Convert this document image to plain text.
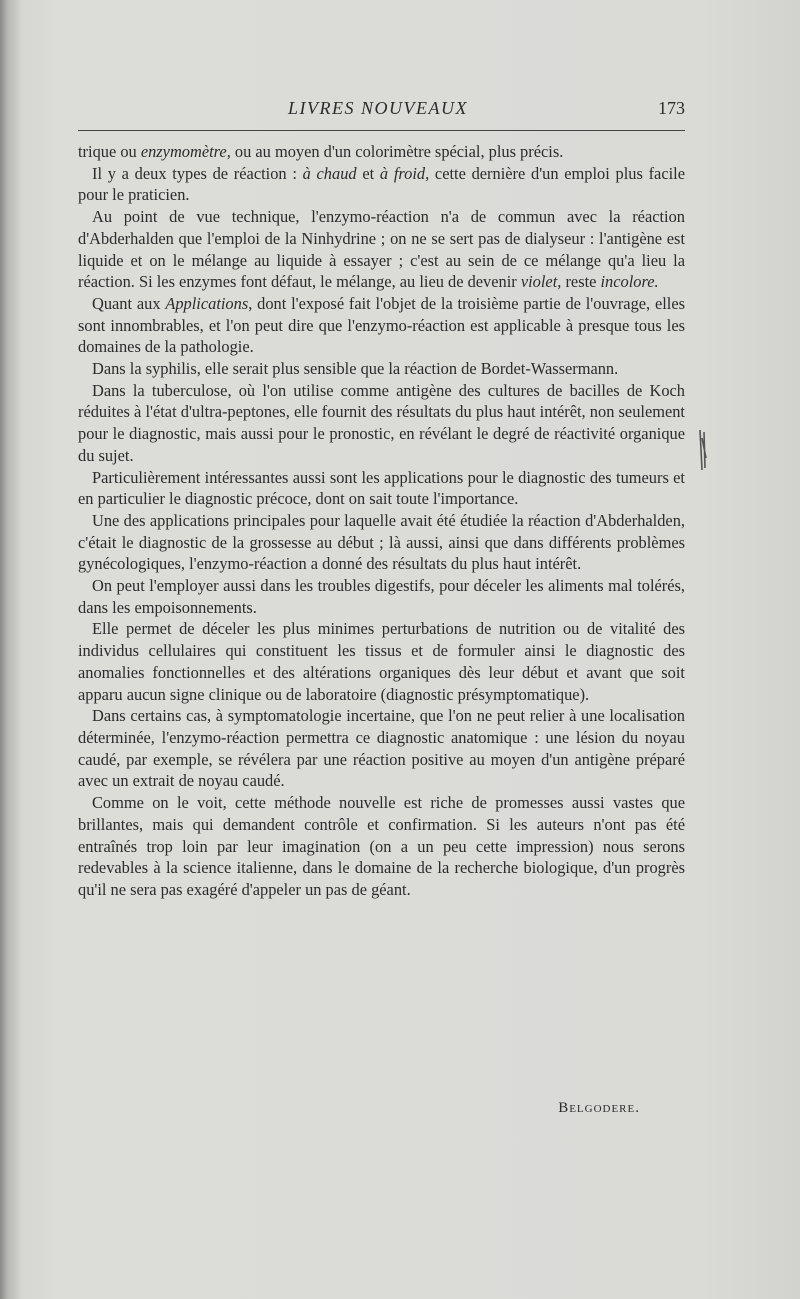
LIVRES NOUVEAUX	173

trique ou enzymomètre, ou au moyen d'un colorimètre spécial, plus précis.

Il y a deux types de réaction : à chaud et à froid, cette dernière d'un emploi plus facile pour le praticien.

Au point de vue technique, l'enzymo-réaction n'a de commun avec la réaction d'Abderhalden que l'emploi de la Ninhydrine ; on ne se sert pas de dialyseur : l'antigène est liquide et on le mélange au liquide à essayer ; c'est au sein de ce mélange qu'a lieu la réaction. Si les enzymes font défaut, le mélange, au lieu de devenir violet, reste incolore.

Quant aux Applications, dont l'exposé fait l'objet de la troisième partie de l'ouvrage, elles sont innombrables, et l'on peut dire que l'enzymo-réaction est applicable à presque tous les domaines de la pathologie.

Dans la syphilis, elle serait plus sensible que la réaction de Bordet-Wassermann.

Dans la tuberculose, où l'on utilise comme antigène des cultures de bacilles de Koch réduites à l'état d'ultra-peptones, elle fournit des résultats du plus haut intérêt, non seulement pour le diagnostic, mais aussi pour le pronostic, en révélant le degré de réactivité organique du sujet.

Particulièrement intéressantes aussi sont les applications pour le diagnostic des tumeurs et en particulier le diagnostic précoce, dont on sait toute l'importance.

Une des applications principales pour laquelle avait été étudiée la réaction d'Abderhalden, c'était le diagnostic de la grossesse au début ; là aussi, ainsi que dans différents problèmes gynécologiques, l'enzymo-réaction a donné des résultats du plus haut intérêt.

On peut l'employer aussi dans les troubles digestifs, pour déceler les aliments mal tolérés, dans les empoisonnements.

Elle permet de déceler les plus minimes perturbations de nutrition ou de vitalité des individus cellulaires qui constituent les tissus et de formuler ainsi le diagnostic des anomalies fonctionnelles et des altérations organiques dès leur début et avant que soit apparu aucun signe clinique ou de laboratoire (diagnostic présymptomatique).

Dans certains cas, à symptomatologie incertaine, que l'on ne peut relier à une localisation déterminée, l'enzymo-réaction permettra ce diagnostic anatomique : une lésion du noyau caudé, par exemple, se révélera par une réaction positive au moyen d'un antigène préparé avec un extrait de noyau caudé.

Comme on le voit, cette méthode nouvelle est riche de promesses aussi vastes que brillantes, mais qui demandent contrôle et confirmation. Si les auteurs n'ont pas été entraînés trop loin par leur imagination (on a un peu cette impression) nous serons redevables à la science italienne, dans le domaine de la recherche biologique, d'un progrès qu'il ne sera pas exagéré d'appeler un pas de géant.

Belgodere.
